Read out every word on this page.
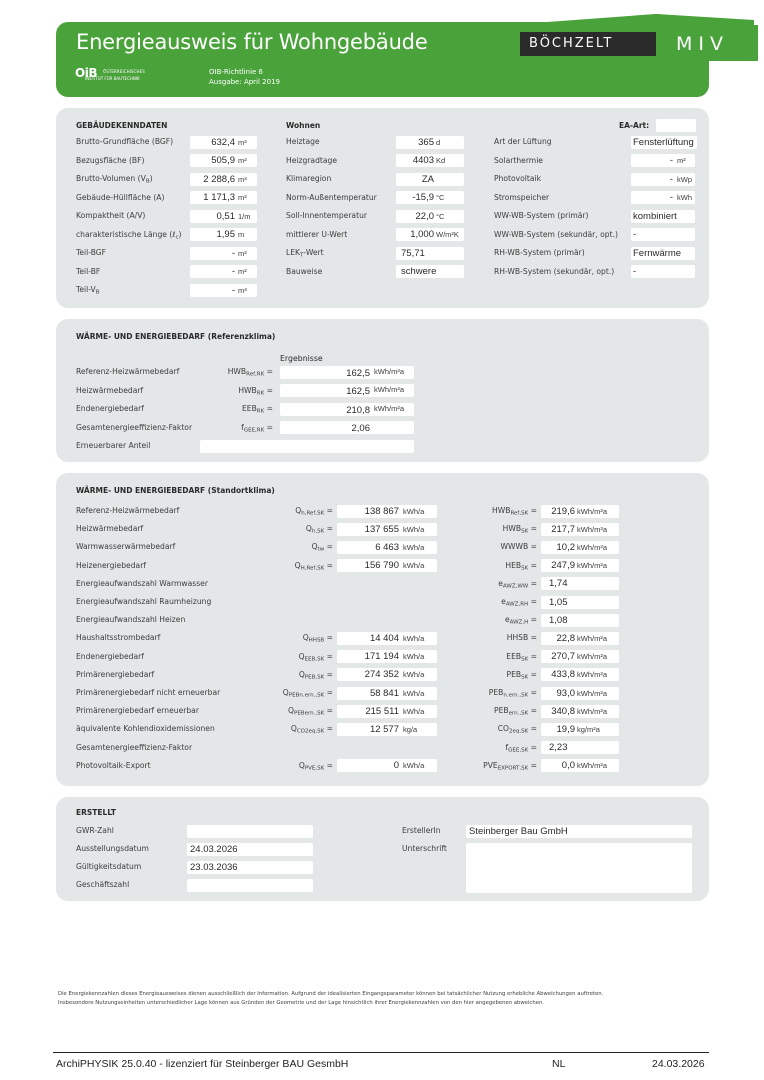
Energieausweis für Wohngebäude
OiB ÖSTERREICHISCHES
INSTITUT FÜR BAUTECHNIK
OIB-Richtlinie 6
Ausgabe: April 2019
BÖCHZELT	MIV
GEBÄUDEKENNDATEN	Wohnen	EA-Art:
Brutto-Grundfläche (BGF)	632,4 m²
Bezugsfläche (BF)	505,9 m²
Brutto-Volumen $(V_B)$	2 288,6 m³
Gebäude-Hüllfläche (A)	1 171,3 m²
Kompaktheit (A/V)	0,51 1/m
charakteristische Länge (ℓ$_c$)	1,95 m
Teil-BGF	- m²
Teil-BF	- m²
Teil-$V_B$	- m³
Heiztage	365 d
Heizgradtage	4403 Kd
Klimaregion	ZA
Norm-Außentemperatur	-15,9 °C
Soll-Innentemperatur	22,0 °C
mittlerer U-Wert	1,000 W/m²K
$LEK_T$-Wert	75,71
Bauweise	schwere
Art der Lüftung	Fensterlüftung
Solarthermie	- m²
Photovoltaik	- kWp
Stromspeicher	- kWh
WW-WB-System (primär)	kombiniert
WW-WB-System (sekundär, opt.) -
RH-WB-System (primär)	Fernwärme
RH-WB-System (sekundär, opt.) -
WÄRME- UND ENERGIEBEDARF (Referenzklima)
Ergebnisse
Referenz-Heizwärmebedarf	$HWB_{Ref,RK}$ =	162,5 kWh/m²a
Heizwärmebedarf	$HWB_{RK}$ =	162,5 kWh/m²a
Endenergiebedarf	$EEB_{RK}$ =	210,8 kWh/m²a
Gesamtenergieeffizienz-Faktor	$f_{GEE,RK}$ =	2,06
Erneuerbarer Anteil
WÄRME- UND ENERGIEBEDARF (Standortklima)
Referenz-Heizwärmebedarf	$Q_{h,Ref,SK}$ =	138 867 kWh/a	$HWB_{Ref,SK} = 219,6$ kWh/m²a
Heizwärmebedarf	$Q_{h,SK}$ =	137 655 kWh/a	$HWB_{SK} = 217,7$ kWh/m²a
Warmwasserwärmebedarf	$Q_{tw}$ =	6 463 kWh/a	WWWB = 10,2 kWh/m²a
Heizenergiebedarf	$Q_{H,Ref,SK}$ =	156 790 kWh/a	$HEB_{SK} = 247,9$ kWh/m²a
Energieaufwandszahl Warmwasser	$e_{AWZ,WW} = 1,74$
Energieaufwandszahl Raumheizung	$e_{AWZ,RH} = 1,05$
Energieaufwandszahl Heizen	$e_{AWZ,H} = 1,08$
Haushaltsstrombedarf	$Q_{HHSB}$ =	14 404 kWh/a	HHSB = 22,8 kWh/m²a
Endenergiebedarf	$Q_{EEB,SK}$ =	171 194 kWh/a	$EEB_{SK} = 270,7$ kWh/m²a
Primärenergiebedarf	$Q_{PEB,SK}$ =	274 352 kWh/a	$PEB_{SK} = 433,8$ kWh/m²a
Primärenergiebedarf nicht erneuerbar	$Q_{PEBn.ern.,SK}$ =	58 841 kWh/a	$PEB_{n.ern.,SK} = 93,0$ kWh/m²a
Primärenergiebedarf erneuerbar	$Q_{PEBern.,SK}$ =	215 511 kWh/a	$PEB_{ern.,SK} = 340,8$ kWh/m²a
äquivalente Kohlendioxidemissionen	$Q_{CO2eq,SK}$ =	12 577 kg/a	$CO_{2eq,SK} = 19,9$ kg/m²a
Gesamtenergieeffizienz-Faktor	$f_{GEE,SK} = 2,23$
Photovoltaik-Export	$Q_{PVE,SK}$ =	0 kWh/a	$PVE_{EXPORT,SK}$ =	0,0 kWh/m²a
ERSTELLT
GWR-Zahl
Ausstellungsdatum	24.03.2026
Gültigkeitsdatum	23.03.2036
Geschäftszahl
ErstellerIn	Steinberger Bau GmbH
Unterschrift
Die Energiekennzahlen dieses Energieausweises dienen ausschließlich der Information. Aufgrund der idealisierten Eingangsparameter können bei tatsächlicher Nutzung erhebliche Abweichungen auftreten.
Insbesondere Nutzungseinheiten unterschiedlicher Lage können aus Gründen der Geometrie und der Lage hinsichtlich ihrer Energiekennzahlen von den hier angegebenen abweichen.
ArchiPHYSIK 25.0.40 - lizenziert für Steinberger BAU GesmbH	NL	24.03.2026
